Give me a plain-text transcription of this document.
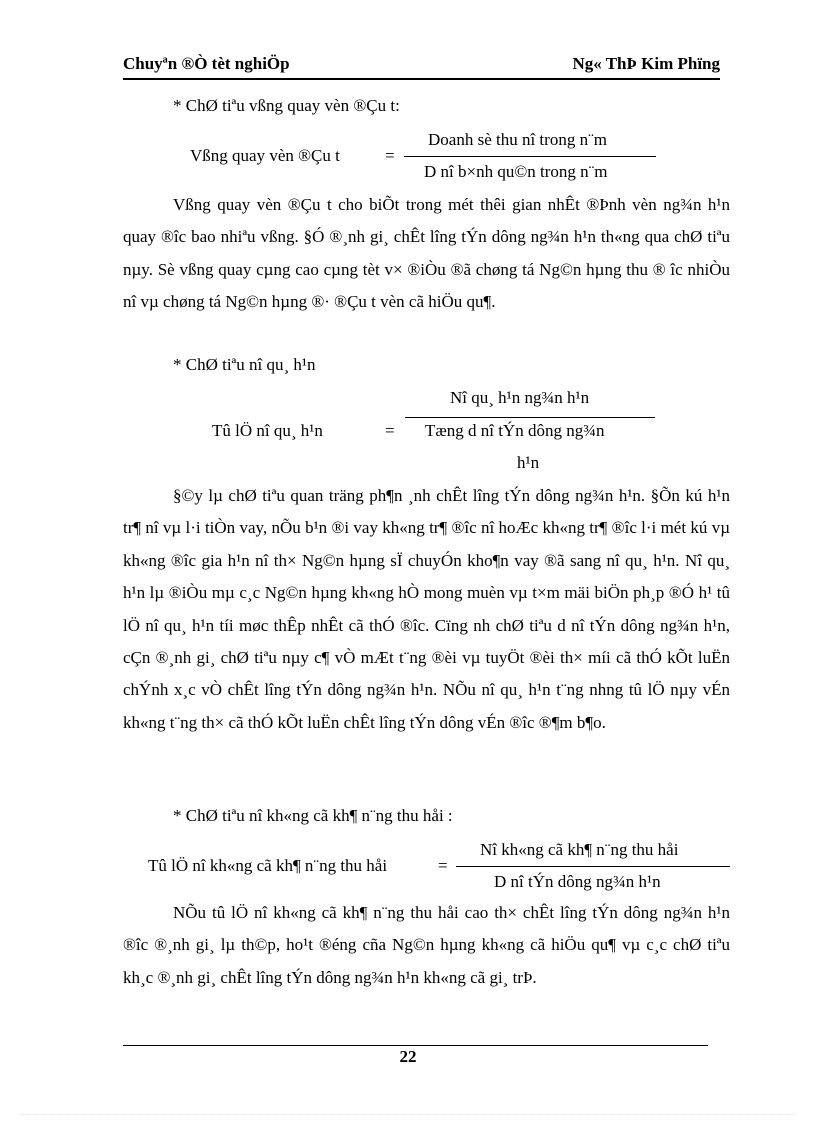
Chuyªn ®Ò tèt nghiÖp	Ng« ThÞ Kim Phïng
* ChØ tiªu vßng quay vèn ®Çu t:
Vßng quay vèn ®Çu t	=
Doanh sè thu nî trong n¨m
D nî b×nh qu©n trong n¨m

Vßng quay vèn ®Çu t cho biÕt trong mét thêi gian nhÊt ®Þnh vèn ng¾n h¹n quay ®îc bao nhiªu vßng. §Ó ®¸nh gi¸ chÊt lîng tÝn dông ng¾n h¹n th«ng qua chØ tiªu nµy. Sè vßng quay cµng cao cµng tèt v× ®iÒu ®ã chøng tá Ng©n hµng thu ® îc nhiÒu nî vµ chøng tá Ng©n hµng ®· ®Çu t vèn cã hiÖu qu¶.

* ChØ tiªu nî qu¸ h¹n
Nî qu¸ h¹n ng¾n h¹n
Tû lÖ nî qu¸ h¹n	= Tæng d nî tÝn dông ng¾n
h¹n

§©y lµ chØ tiªu quan träng ph¶n ¸nh chÊt lîng tÝn dông ng¾n h¹n. §Õn kú h¹n tr¶ nî vµ l·i tiÒn vay, nÕu b¹n ®i vay kh«ng tr¶ ®îc nî hoÆc kh«ng tr¶ ®îc l·i mét kú vµ kh«ng ®îc gia h¹n nî th× Ng©n hµng sÏ chuyÓn kho¶n vay ®ã sang nî qu¸ h¹n. Nî qu¸ h¹n lµ ®iÒu mµ c¸c Ng©n hµng kh«ng hÒ mong muèn vµ t×m mäi biÖn ph¸p ®Ó h¹ tû lÖ nî qu¸ h¹n tíi møc thÊp nhÊt cã thÓ ®îc. Cïng nh chØ tiªu d nî tÝn dông ng¾n h¹n, cÇn ®¸nh gi¸ chØ tiªu nµy c¶ vÒ mÆt t¨ng ®èi vµ tuyÖt ®èi th× míi cã thÓ kÕt luËn chÝnh x¸c vÒ chÊt lîng tÝn dông ng¾n h¹n. NÕu nî qu¸ h¹n t¨ng nhng tû lÖ nµy vÉn kh«ng t¨ng th× cã thÓ kÕt luËn chÊt lîng tÝn dông vÉn ®îc ®¶m b¶o.

* ChØ tiªu nî kh«ng cã kh¶ n¨ng thu håi :
Nî kh«ng cã kh¶ n¨ng thu håi
Tû lÖ nî kh«ng cã kh¶ n¨ng thu håi	=
D nî tÝn dông ng¾n h¹n

NÕu tû lÖ nî kh«ng cã kh¶ n¨ng thu håi cao th× chÊt lîng tÝn dông ng¾n h¹n ®îc ®¸nh gi¸ lµ th©p, ho¹t ®éng cña Ng©n hµng kh«ng cã hiÖu qu¶ vµ c¸c chØ tiªu kh¸c ®¸nh gi¸ chÊt lîng tÝn dông ng¾n h¹n kh«ng cã gi¸ trÞ.

22
